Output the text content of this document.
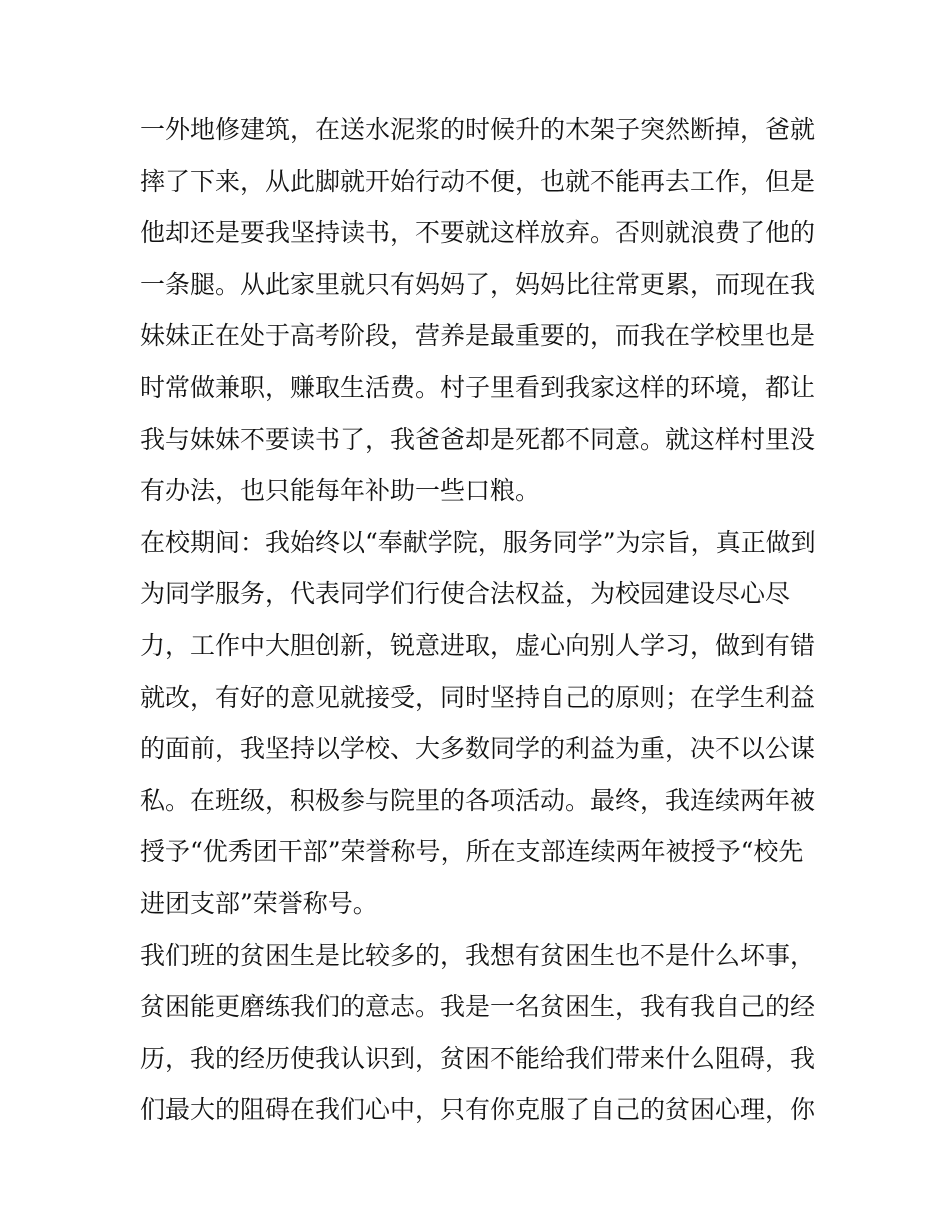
一外地修建筑，在送水泥浆的时候升的木架子突然断掉，爸就
摔了下来，从此脚就开始行动不便，也就不能再去工作，但是
他却还是要我坚持读书，不要就这样放弃。否则就浪费了他的
一条腿。从此家里就只有妈妈了，妈妈比往常更累，而现在我
妹妹正在处于高考阶段，营养是最重要的，而我在学校里也是
时常做兼职，赚取生活费。村子里看到我家这样的环境，都让
我与妹妹不要读书了，我爸爸却是死都不同意。就这样村里没
有办法，也只能每年补助一些口粮。
在校期间：我始终以“奉献学院，服务同学”为宗旨，真正做到
为同学服务，代表同学们行使合法权益，为校园建设尽心尽
力，工作中大胆创新，锐意进取，虚心向别人学习，做到有错
就改，有好的意见就接受，同时坚持自己的原则；在学生利益
的面前，我坚持以学校、大多数同学的利益为重，决不以公谋
私。在班级，积极参与院里的各项活动。最终，我连续两年被
授予“优秀团干部”荣誉称号，所在支部连续两年被授予“校先
进团支部”荣誉称号。
我们班的贫困生是比较多的，我想有贫困生也不是什么坏事，
贫困能更磨练我们的意志。我是一名贫困生，我有我自己的经
历，我的经历使我认识到，贫困不能给我们带来什么阻碍，我
们最大的阻碍在我们心中，只有你克服了自己的贫困心理，你
